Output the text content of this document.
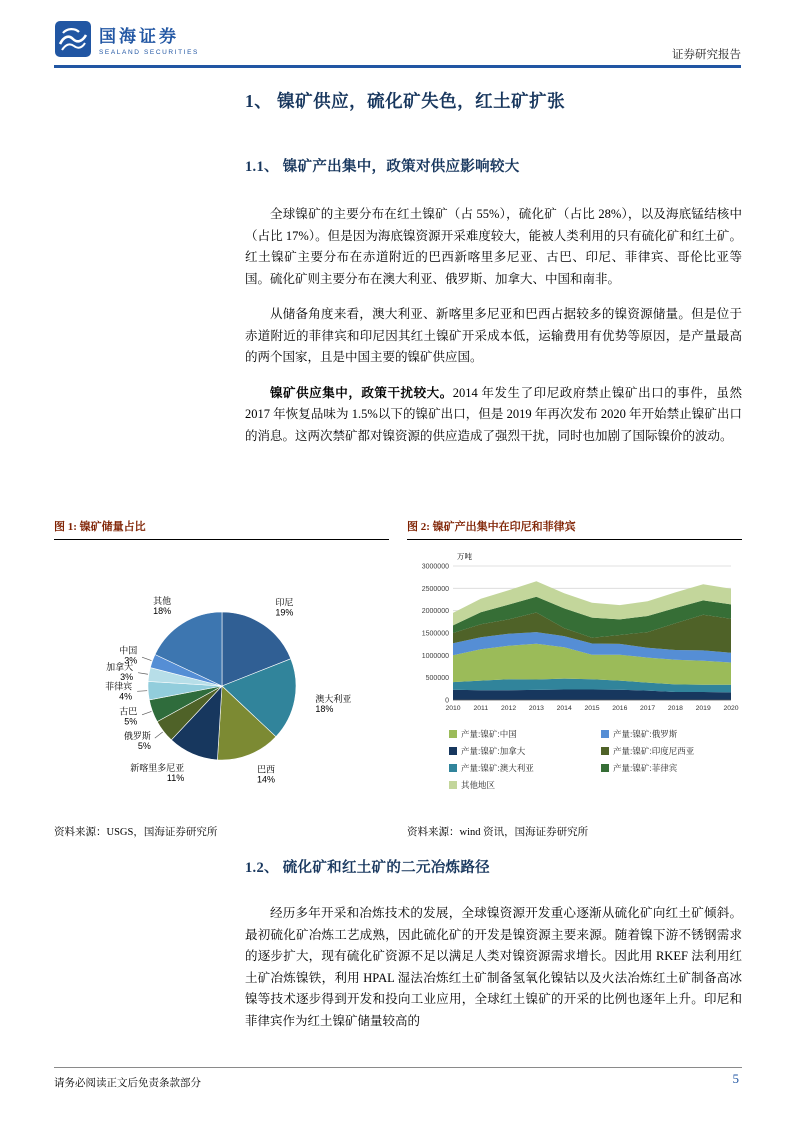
国海证券
SEALAND SECURITIES	证券研究报告
1、 镍矿供应，硫化矿失色，红土矿扩张
1.1、 镍矿产出集中，政策对供应影响较大

全球镍矿的主要分布在红土镍矿（占 55%），硫化矿（占比 28%），以及海底锰结核中（占比 17%）。但是因为海底镍资源开采难度较大，能被人类利用的只有硫化矿和红土矿。红土镍矿主要分布在赤道附近的巴西新喀里多尼亚、古巴、印尼、菲律宾、哥伦比亚等国。硫化矿则主要分布在澳大利亚、俄罗斯、加拿大、中国和南非。

从储备角度来看，澳大利亚、新喀里多尼亚和巴西占据较多的镍资源储量。但是位于赤道附近的菲律宾和印尼因其红土镍矿开采成本低，运输费用有优势等原因，是产量最高的两个国家，且是中国主要的镍矿供应国。

镍矿供应集中，政策干扰较大。2014 年发生了印尼政府禁止镍矿出口的事件，虽然 2017 年恢复品味为 1.5%以下的镍矿出口，但是 2019 年再次发布 2020 年开始禁止镍矿出口的消息。这两次禁矿都对镍资源的供应造成了强烈干扰，同时也加剧了国际镍价的波动。

图 1: 镍矿储量占比
印尼 19%
澳大利亚 18%
巴西 14%
新喀里多尼亚 11%
俄罗斯 5%
古巴 5%
菲律宾 4%
加拿大 3%
中国 3%
其他 18%
资料来源：USGS，国海证券研究所
图 2: 镍矿产出集中在印尼和菲律宾
0
500000
1000000
1500000
2000000
2500000
3000000
万吨
2010 2011 2012 2013 2014 2015 2016 2017 2018 2019 2020
产量:镍矿:中国	产量:镍矿:俄罗斯
产量:镍矿:加拿大	产量:镍矿:印度尼西亚
产量:镍矿:澳大利亚	产量:镍矿:菲律宾
其他地区
资料来源：wind 资讯，国海证券研究所
1.2、 硫化矿和红土矿的二元冶炼路径

经历多年开采和冶炼技术的发展，全球镍资源开发重心逐渐从硫化矿向红土矿倾斜。最初硫化矿冶炼工艺成熟，因此硫化矿的开发是镍资源主要来源。随着镍下游不锈钢需求的逐步扩大，现有硫化矿资源不足以满足人类对镍资源需求增长。因此用 RKEF 法利用红土矿冶炼镍铁，利用 HPAL 湿法冶炼红土矿制备氢氧化镍钴以及火法冶炼红土矿制备高冰镍等技术逐步得到开发和投向工业应用，全球红土镍矿的开采的比例也逐年上升。印尼和菲律宾作为红土镍矿储量较高的

请务必阅读正文后免责条款部分	5
